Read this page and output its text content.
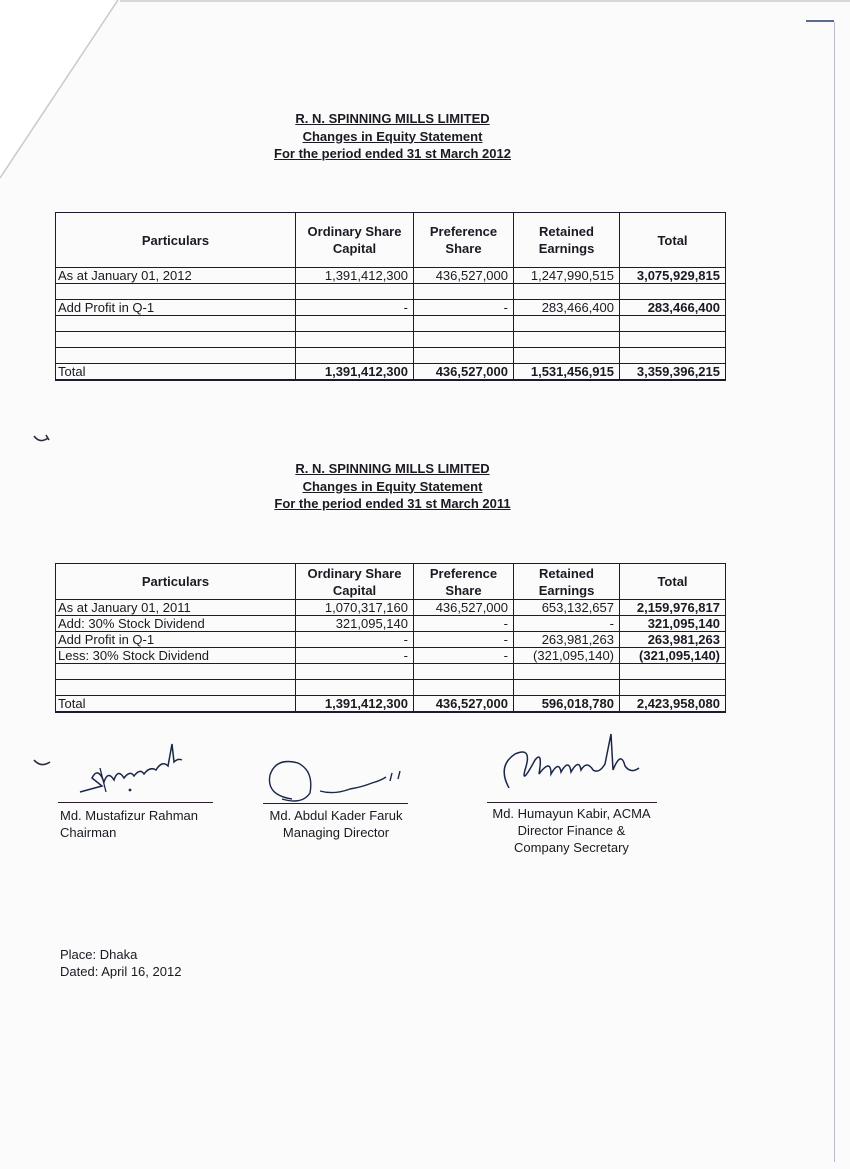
R. N. SPINNING MILLS LIMITED
Changes in Equity Statement
For the period ended 31 st March 2012
Particulars	Ordinary Share Capital	Preference Share	Retained Earnings	Total
As at January 01, 2012	1,391,412,300	436,527,000	1,247,990,515	3,075,929,815

Add Profit in Q-1	-	-	283,466,400	283,466,400

Total	1,391,412,300	436,527,000	1,531,456,915	3,359,396,215
R. N. SPINNING MILLS LIMITED
Changes in Equity Statement
For the period ended 31 st March 2011
Particulars	Ordinary Share Capital	Preference Share	Retained Earnings	Total
As at January 01, 2011	1,070,317,160	436,527,000	653,132,657	2,159,976,817
Add: 30% Stock Dividend	321,095,140	-	-	321,095,140
Add Profit in Q-1	-	-	263,981,263	263,981,263
Less: 30% Stock Dividend	-	-	(321,095,140)	(321,095,140)

Total	1,391,412,300	436,527,000	596,018,780	2,423,958,080
Md. Mustafizur Rahman
Chairman
Md. Abdul Kader Faruk
Managing Director
Md. Humayun Kabir, ACMA
Director Finance &
Company Secretary
Place: Dhaka
Dated: April 16, 2012
